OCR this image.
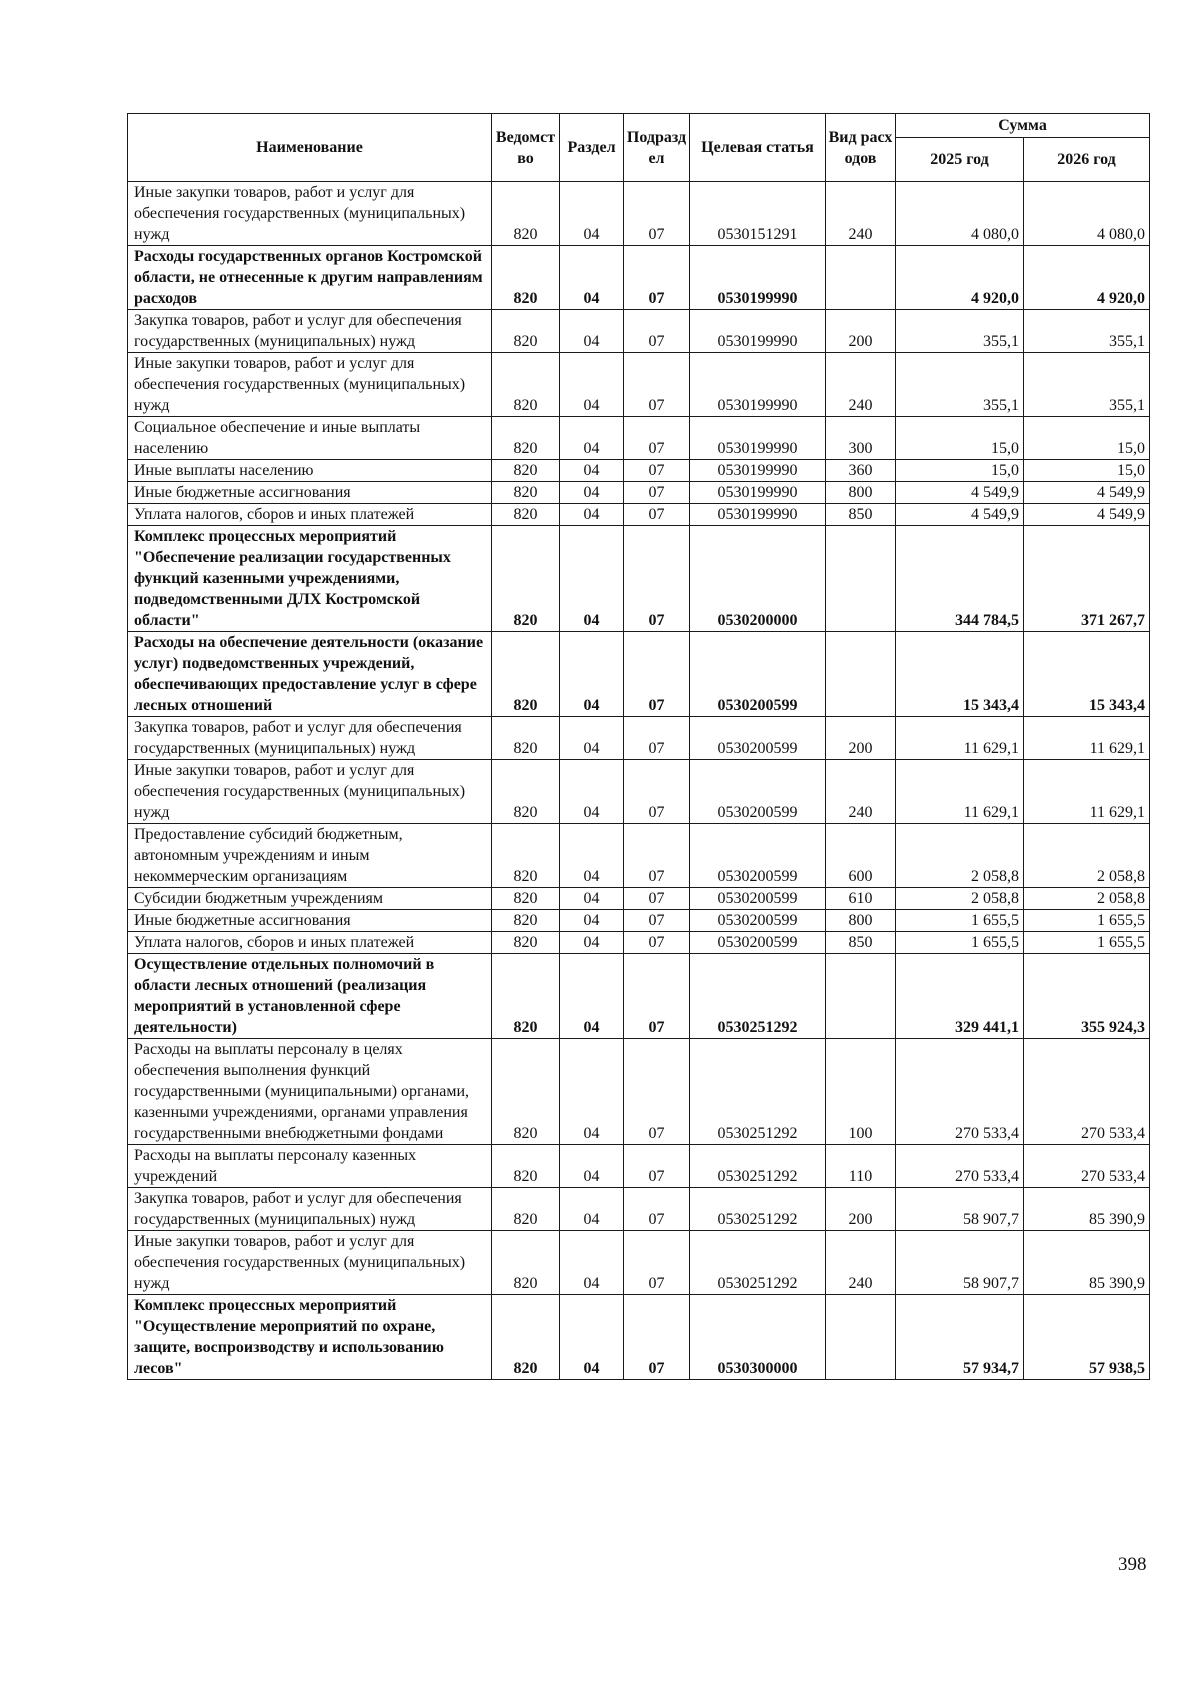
Наименование	Ведомство	Раздел	Подраздел	Целевая статья	Вид расходов	Сумма	
						2025 год	2026 год
Иные закупки товаров, работ и услуг для обеспечения государственных (муниципальных) нужд	820	04	07	0530151291	240	4 080,0	4 080,0
Расходы государственных органов Костромской области, не отнесенные к другим направлениям расходов	820	04	07	0530199990		4 920,0	4 920,0
Закупка товаров, работ и услуг для обеспечения государственных (муниципальных) нужд	820	04	07	0530199990	200	355,1	355,1
Иные закупки товаров, работ и услуг для обеспечения государственных (муниципальных) нужд	820	04	07	0530199990	240	355,1	355,1
Социальное обеспечение и иные выплаты населению	820	04	07	0530199990	300	15,0	15,0
Иные выплаты населению	820	04	07	0530199990	360	15,0	15,0
Иные бюджетные ассигнования	820	04	07	0530199990	800	4 549,9	4 549,9
Уплата налогов, сборов и иных платежей	820	04	07	0530199990	850	4 549,9	4 549,9
Комплекс процессных мероприятий "Обеспечение реализации государственных функций казенными учреждениями, подведомственными ДЛХ Костромской области"	820	04	07	0530200000		344 784,5	371 267,7
Расходы на обеспечение деятельности (оказание услуг) подведомственных учреждений, обеспечивающих предоставление услуг в сфере лесных отношений	820	04	07	0530200599		15 343,4	15 343,4
Закупка товаров, работ и услуг для обеспечения государственных (муниципальных) нужд	820	04	07	0530200599	200	11 629,1	11 629,1
Иные закупки товаров, работ и услуг для обеспечения государственных (муниципальных) нужд	820	04	07	0530200599	240	11 629,1	11 629,1
Предоставление субсидий бюджетным, автономным учреждениям и иным некоммерческим организациям	820	04	07	0530200599	600	2 058,8	2 058,8
Субсидии бюджетным учреждениям	820	04	07	0530200599	610	2 058,8	2 058,8
Иные бюджетные ассигнования	820	04	07	0530200599	800	1 655,5	1 655,5
Уплата налогов, сборов и иных платежей	820	04	07	0530200599	850	1 655,5	1 655,5
Осуществление отдельных полномочий в области лесных отношений (реализация мероприятий в установленной сфере деятельности)	820	04	07	0530251292		329 441,1	355 924,3
Расходы на выплаты персоналу в целях обеспечения выполнения функций государственными (муниципальными) органами, казенными учреждениями, органами управления государственными внебюджетными фондами	820	04	07	0530251292	100	270 533,4	270 533,4
Расходы на выплаты персоналу казенных учреждений	820	04	07	0530251292	110	270 533,4	270 533,4
Закупка товаров, работ и услуг для обеспечения государственных (муниципальных) нужд	820	04	07	0530251292	200	58 907,7	85 390,9
Иные закупки товаров, работ и услуг для обеспечения государственных (муниципальных) нужд	820	04	07	0530251292	240	58 907,7	85 390,9
Комплекс процессных мероприятий "Осуществление мероприятий по охране, защите, воспроизводству и использованию лесов"	820	04	07	0530300000		57 934,7	57 938,5
398
